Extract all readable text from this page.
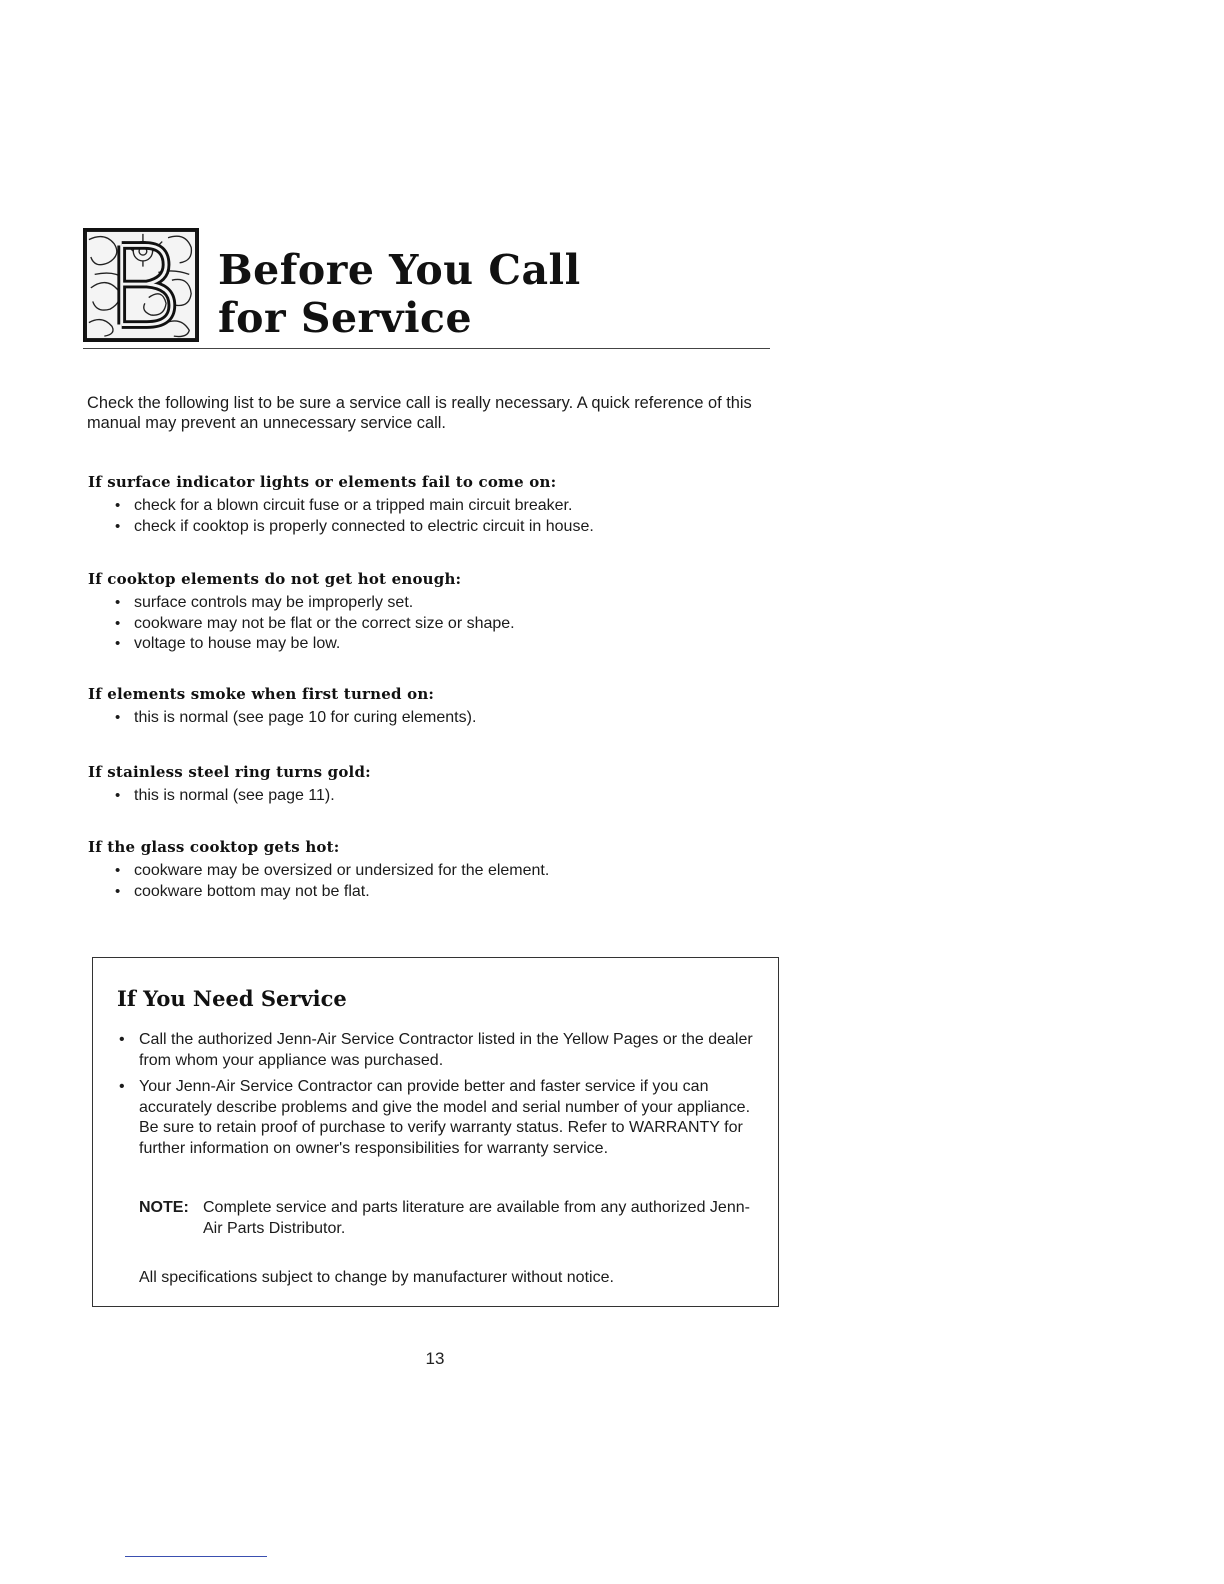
Before You Call
for Service

Check the following list to be sure a service call is really necessary. A quick reference of this manual may prevent an unnecessary service call.

If surface indicator lights or elements fail to come on:
• check for a blown circuit fuse or a tripped main circuit breaker.
• check if cooktop is properly connected to electric circuit in house.
If cooktop elements do not get hot enough:
• surface controls may be improperly set.
• cookware may not be flat or the correct size or shape.
• voltage to house may be low.
If elements smoke when first turned on:
• this is normal (see page 10 for curing elements).
If stainless steel ring turns gold:
• this is normal (see page 11).
If the glass cooktop gets hot:
• cookware may be oversized or undersized for the element.
• cookware bottom may not be flat.
If You Need Service
• Call the authorized Jenn-Air Service Contractor listed in the Yellow Pages or the dealer from whom your appliance was purchased.
• Your Jenn-Air Service Contractor can provide better and faster service if you can accurately describe problems and give the model and serial number of your appliance. Be sure to retain proof of purchase to verify warranty status. Refer to WARRANTY for further information on owner's responsibilities for warranty service.
NOTE: Complete service and parts literature are available from any authorized Jenn-Air Parts Distributor.

All specifications subject to change by manufacturer without notice.

13
